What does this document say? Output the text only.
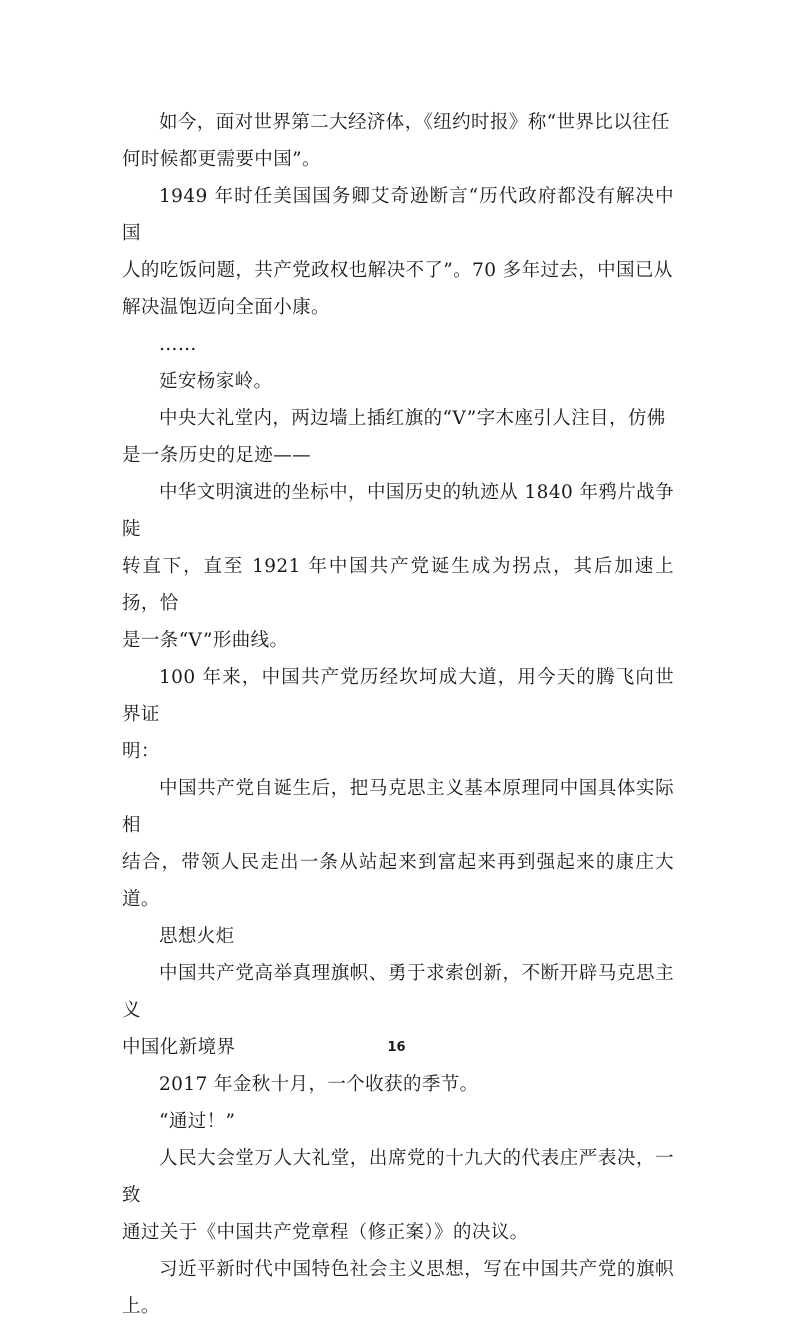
如今，面对世界第二大经济体，《纽约时报》称“世界比以往任
何时候都更需要中国”。

1949 年时任美国国务卿艾奇逊断言“历代政府都没有解决中国
人的吃饭问题，共产党政权也解决不了”。70 多年过去，中国已从
解决温饱迈向全面小康。

……

延安杨家岭。

中央大礼堂内，两边墙上插红旗的“V”字木座引人注目，仿佛
是一条历史的足迹——

中华文明演进的坐标中，中国历史的轨迹从 1840 年鸦片战争陡
转直下，直至 1921 年中国共产党诞生成为拐点，其后加速上扬，恰
是一条“V”形曲线。

100 年来，中国共产党历经坎坷成大道，用今天的腾飞向世界证
明：

中国共产党自诞生后，把马克思主义基本原理同中国具体实际相
结合，带领人民走出一条从站起来到富起来再到强起来的康庄大道。

思想火炬

中国共产党高举真理旗帜、勇于求索创新，不断开辟马克思主义
中国化新境界

2017 年金秋十月，一个收获的季节。

“通过！”

人民大会堂万人大礼堂，出席党的十九大的代表庄严表决，一致
通过关于《中国共产党章程（修正案）》的决议。

习近平新时代中国特色社会主义思想，写在中国共产党的旗帜上。

16
